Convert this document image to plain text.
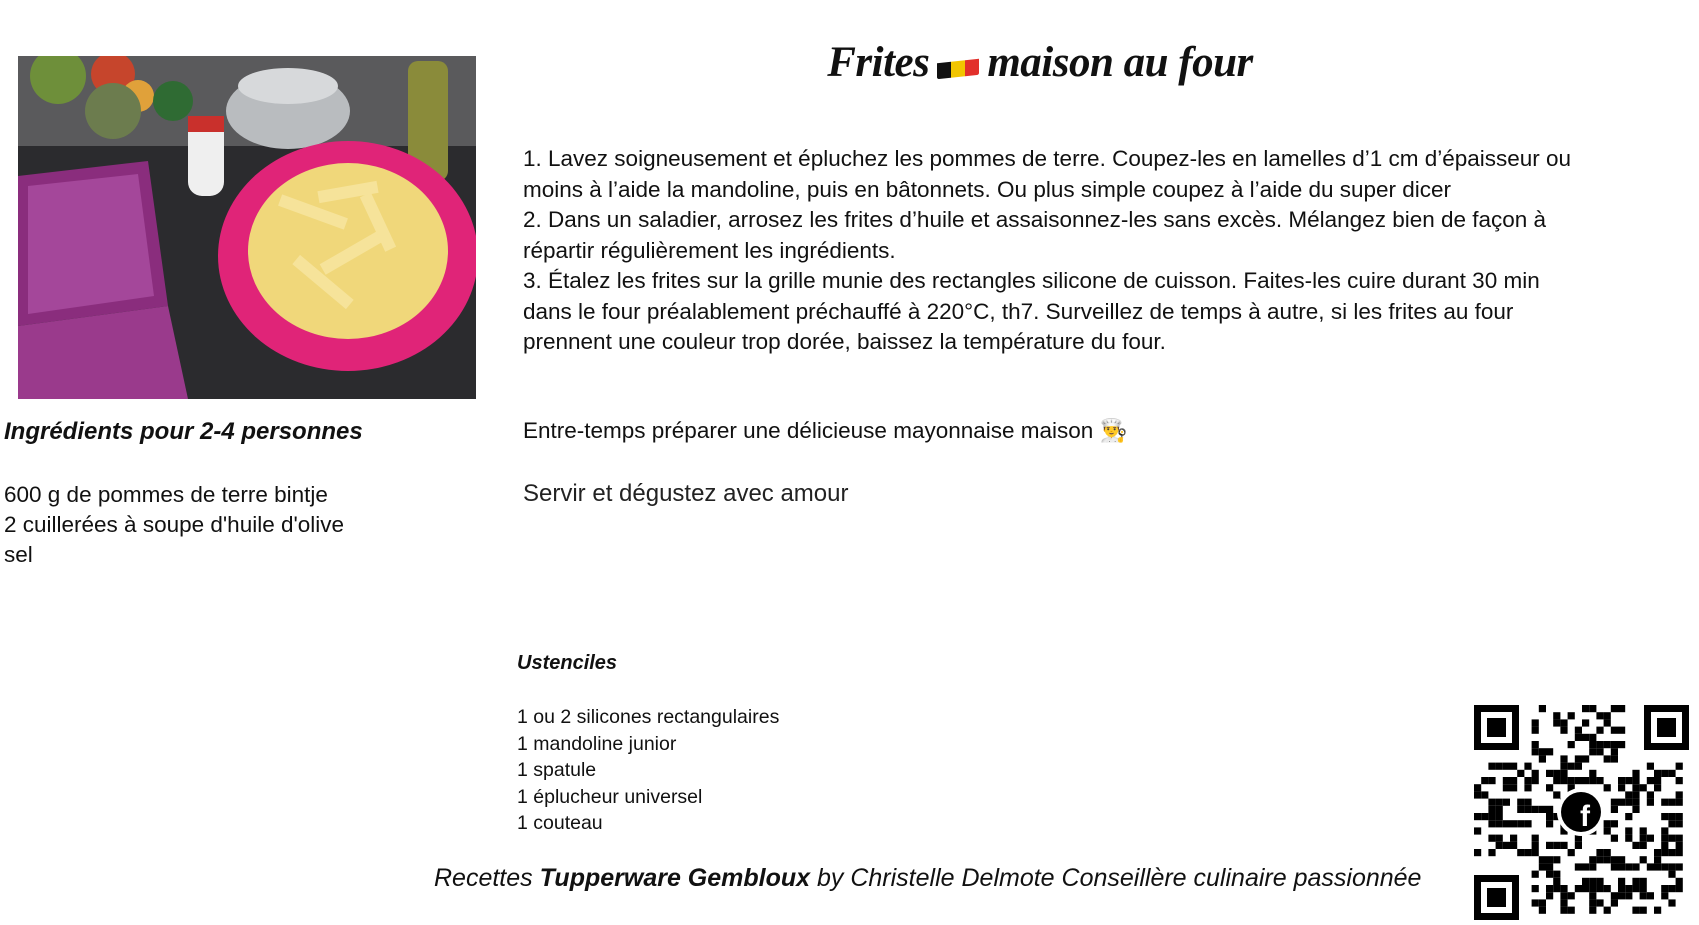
Frites maison au four
1. Lavez soigneusement et épluchez les pommes de terre. Coupez-les en lamelles d’1 cm d’épaisseur ou moins à l’aide la mandoline, puis en bâtonnets. Ou plus simple coupez à l’aide du super dicer
2. Dans un saladier, arrosez les frites d’huile et assaisonnez-les sans excès. Mélangez bien de façon à répartir régulièrement les ingrédients.
3. Étalez les frites sur la grille munie des rectangles silicone de cuisson. Faites-les cuire durant 30 min dans le four préalablement préchauffé à 220°C, th7. Surveillez de temps à autre, si les frites au four prennent une couleur trop dorée, baissez la température du four.
Entre-temps préparer une délicieuse mayonnaise maison 👨‍🍳
Servir et dégustez avec amour
Ingrédients pour 2-4 personnes
600 g de pommes de terre bintje
2 cuillerées à soupe d'huile d'olive
sel
Ustenciles
1 ou 2 silicones rectangulaires
1 mandoline junior
1 spatule
1 éplucheur universel
1 couteau
Recettes Tupperware Gembloux by Christelle Delmote Conseillère culinaire passionnée
f
